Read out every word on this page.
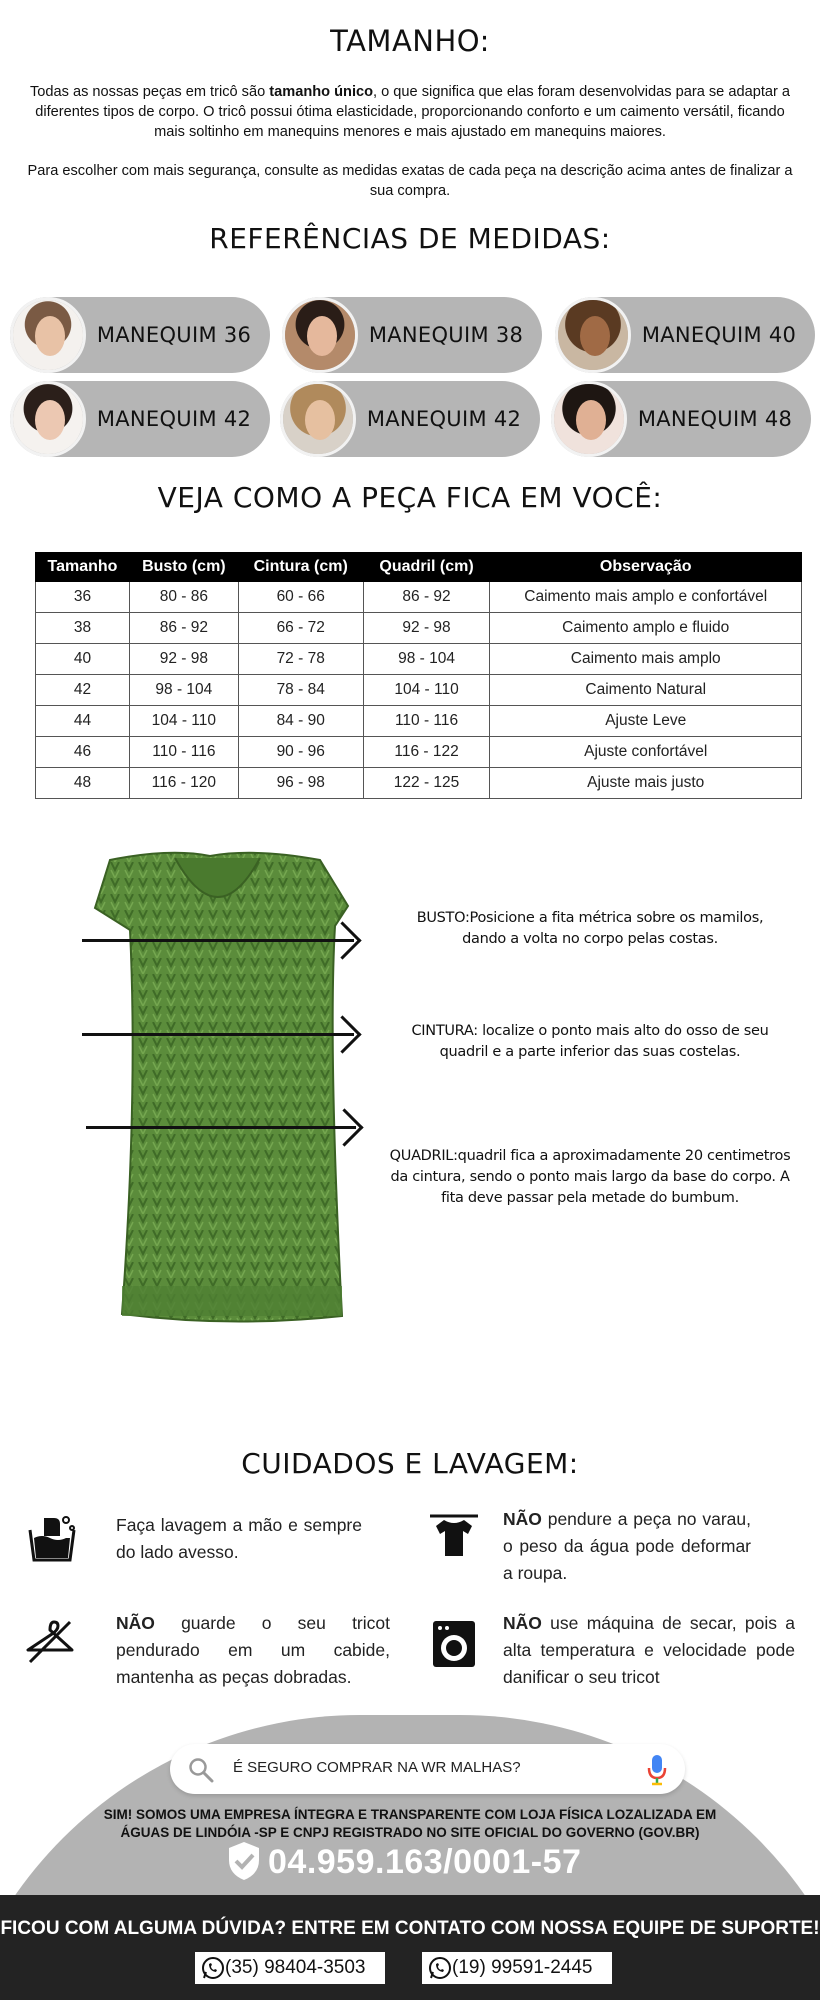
TAMANHO:

Todas as nossas peças em tricô são tamanho único, o que significa que elas foram desenvolvidas para se adaptar a diferentes tipos de corpo. O tricô possui ótima elasticidade, proporcionando conforto e um caimento versátil, ficando mais soltinho em manequins menores e mais ajustado em manequins maiores.

Para escolher com mais segurança, consulte as medidas exatas de cada peça na descrição acima antes de finalizar a sua compra.

REFERÊNCIAS DE MEDIDAS:
MANEQUIM 36	MANEQUIM 38	MANEQUIM 40
MANEQUIM 42	MANEQUIM 42	MANEQUIM 48
VEJA COMO A PEÇA FICA EM VOCÊ:
Tamanho	Busto (cm)	Cintura (cm)	Quadril (cm)	Observação
36	80 - 86	60 - 66	86 - 92	Caimento mais amplo e confortável
38	86 - 92	66 - 72	92 - 98	Caimento amplo e fluido
40	92 - 98	72 - 78	98 - 104	Caimento mais amplo
42	98 - 104	78 - 84	104 - 110	Caimento Natural
44	104 - 110	84 - 90	110 - 116	Ajuste Leve
46	110 - 116	90 - 96	116 - 122	Ajuste confortável
48	116 - 120	96 - 98	122 - 125	Ajuste mais justo

BUSTO:Posicione a fita métrica sobre os mamilos, dando a volta no corpo pelas costas.

CINTURA: localize o ponto mais alto do osso de seu quadril e a parte inferior das suas costelas.

QUADRIL:quadril fica a aproximadamente 20 centimetros da cintura, sendo o ponto mais largo da base do corpo. A fita deve passar pela metade do bumbum.

CUIDADOS E LAVAGEM:

Faça lavagem a mão e sempre do lado avesso.

NÃO pendure a peça no varau, o peso da água pode deformar a roupa.

NÃO guarde o seu tricot pendurado em um cabide, mantenha as peças dobradas.

NÃO use máquina de secar, pois a alta temperatura e velocidade pode danificar o seu tricot

É SEGURO COMPRAR NA WR MALHAS?

SIM! SOMOS UMA EMPRESA ÍNTEGRA E TRANSPARENTE COM LOJA FÍSICA LOZALIZADA EM ÁGUAS DE LINDÓIA -SP E CNPJ REGISTRADO NO SITE OFICIAL DO GOVERNO (GOV.BR)

04.959.163/0001-57

FICOU COM ALGUMA DÚVIDA? ENTRE EM CONTATO COM NOSSA EQUIPE DE SUPORTE!

(35) 98404-3503	(19) 99591-2445
